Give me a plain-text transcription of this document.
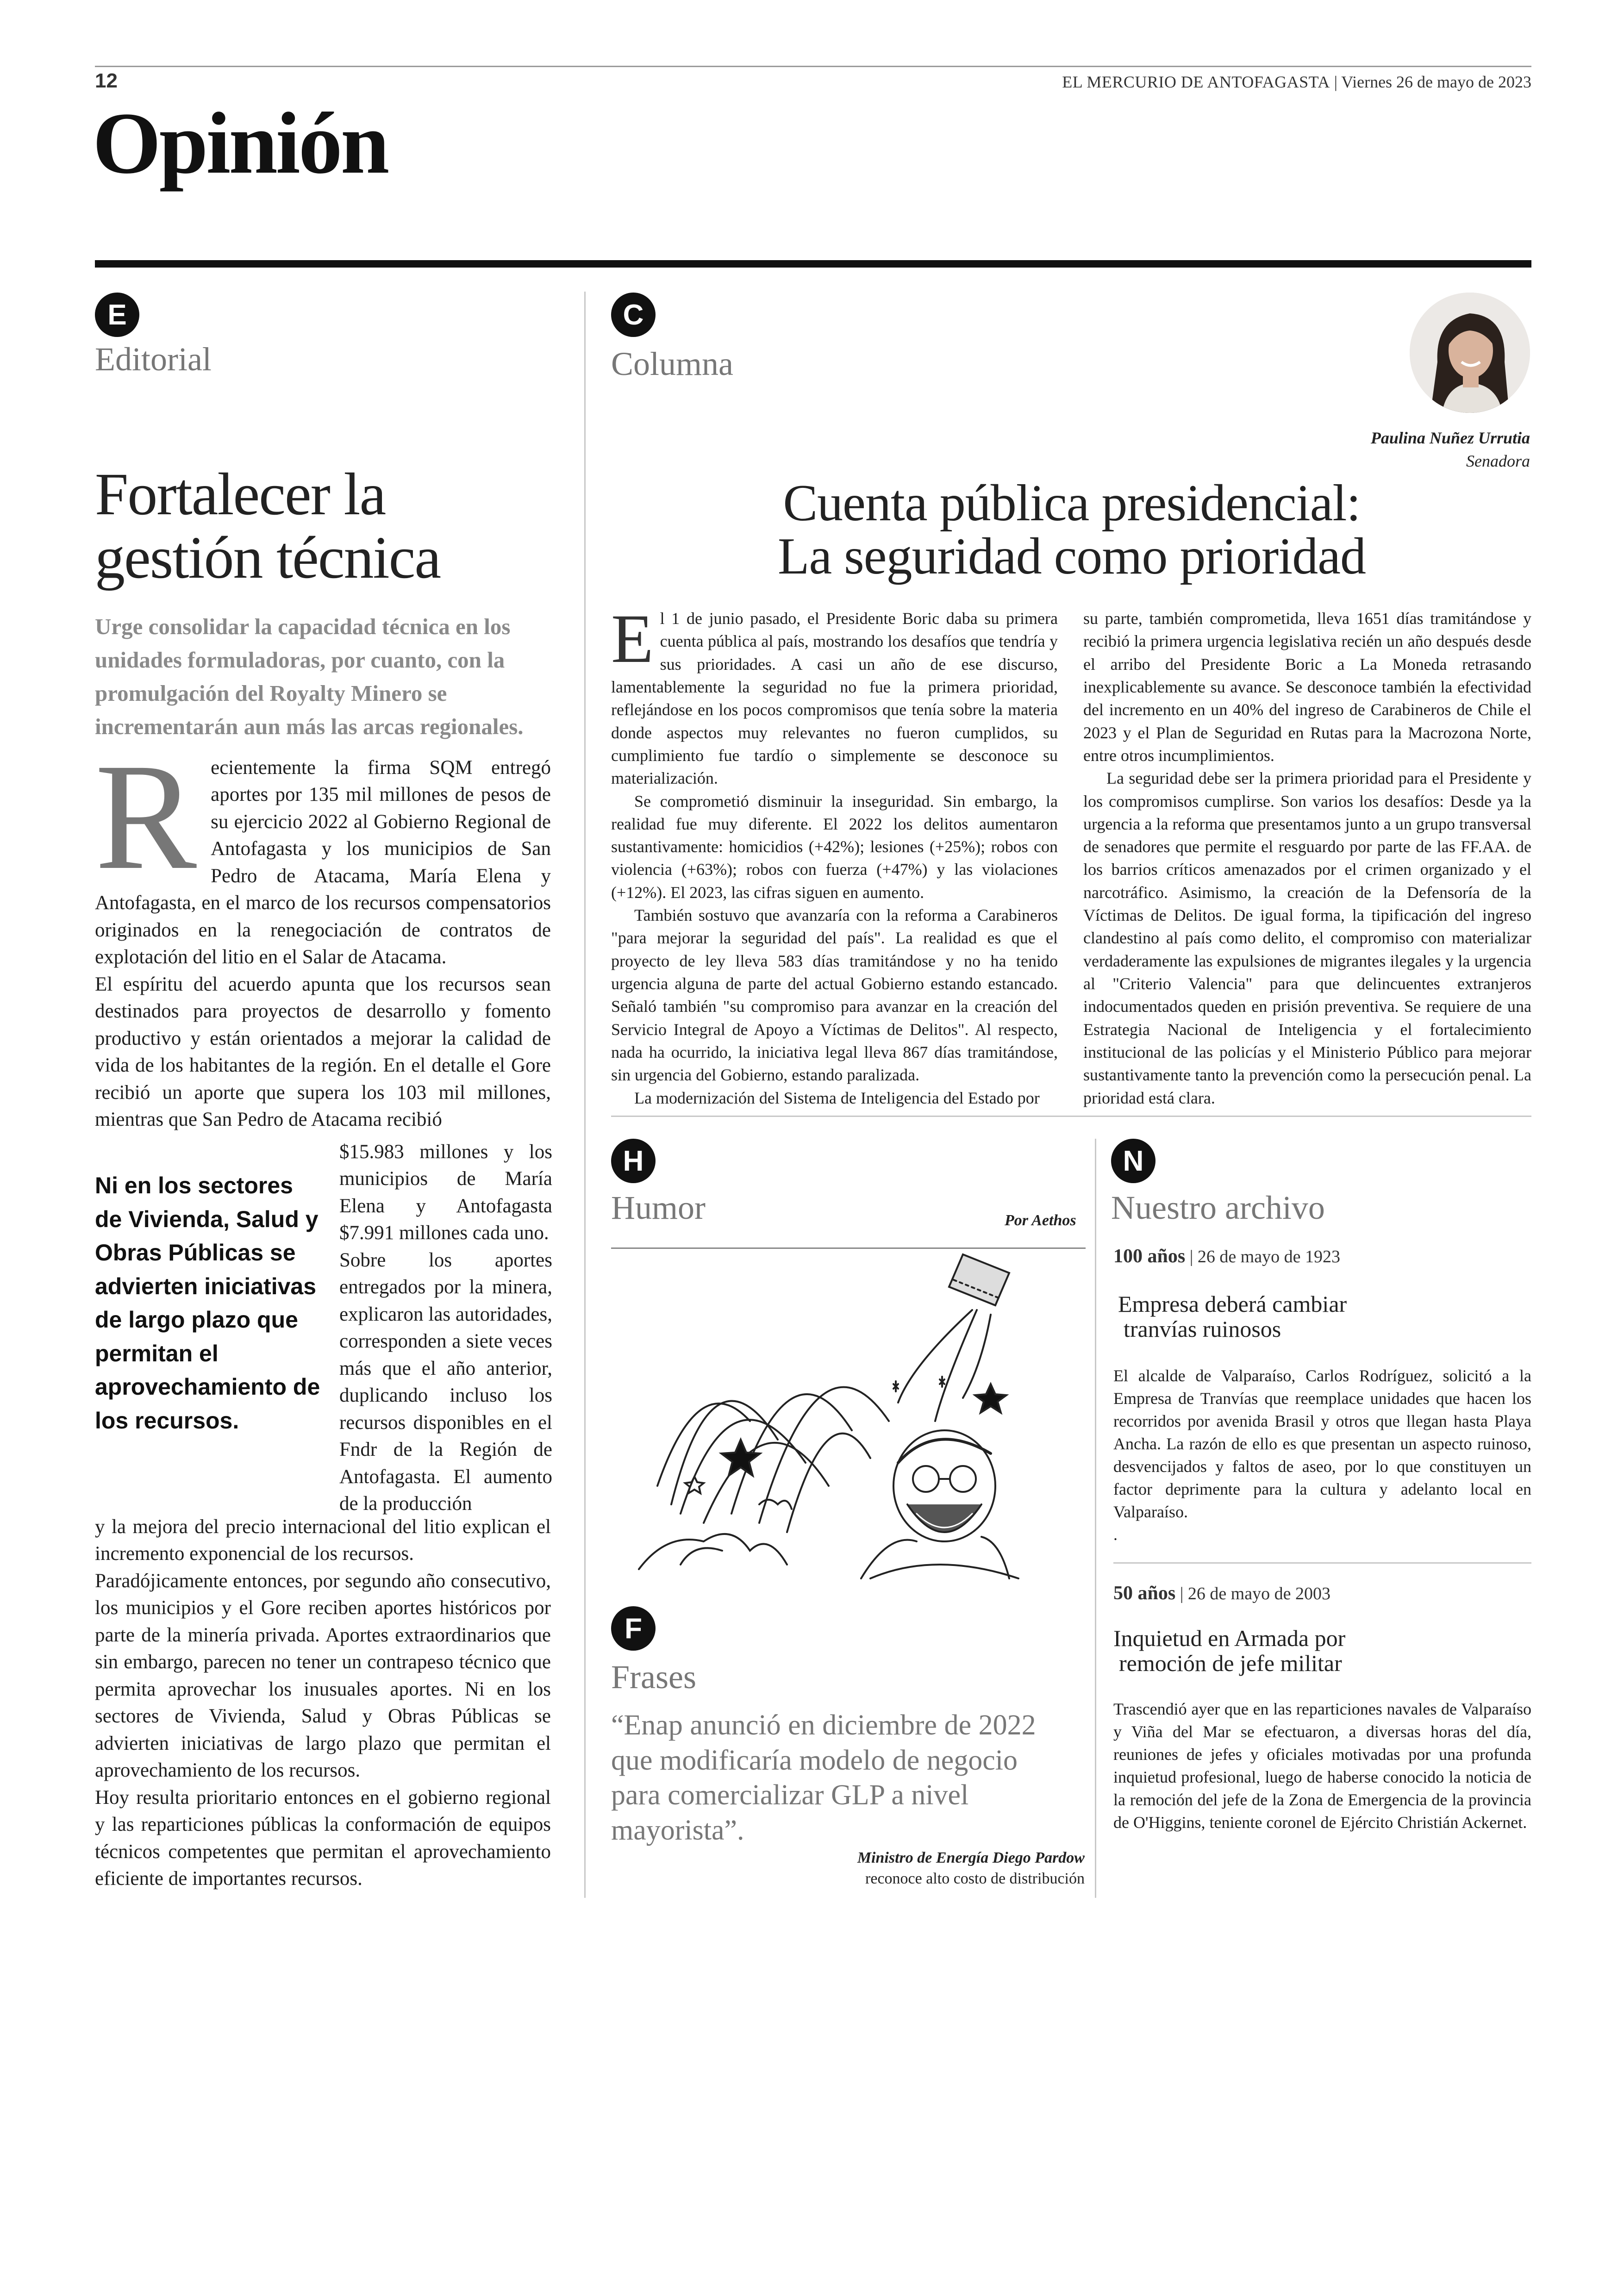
12	EL MERCURIO DE ANTOFAGASTA | Viernes 26 de mayo de 2023
Opinión
E
Editorial
Fortalecer la
gestión técnica
Urge consolidar la capacidad técnica en los unidades formuladoras, por cuanto, con la promulgación del Royalty Minero se incrementarán aun más las arcas regionales.
R ecientemente la firma SQM entregó aportes por 135 mil millones de pesos de su ejercicio 2022 al Gobierno Regional de Antofagasta y los municipios de San Pedro de Atacama, María Elena y Antofagasta, en el marco de los recursos compensatorios originados en la renegociación de contratos de explotación del litio en el Salar de Atacama.

El espíritu del acuerdo apunta que los recursos sean destinados para proyectos de desarrollo y fomento productivo y están orientados a mejorar la calidad de vida de los habitantes de la región. En el detalle el Gore recibió un aporte que supera los 103 mil millones, mientras que San Pedro de Atacama recibió

Ni en los sectores de Vivienda, Salud y Obras Públicas se advierten iniciativas de largo plazo que permitan el aprovechamiento de los recursos.

$15.983 millones y los municipios de María Elena y Antofagasta $7.991 millones cada uno.

Sobre los aportes entregados por la minera, explicaron las autoridades, corresponden a siete veces más que el año anterior, duplicando incluso los recursos disponibles en el Fndr de la Región de Antofagasta. El aumento de la producción

y la mejora del precio internacional del litio explican el incremento exponencial de los recursos.

Paradójicamente entonces, por segundo año consecutivo, los municipios y el Gore reciben aportes históricos por parte de la minería privada. Aportes extraordinarios que sin embargo, parecen no tener un contrapeso técnico que permita aprovechar los inusuales aportes. Ni en los sectores de Vivienda, Salud y Obras Públicas se advierten iniciativas de largo plazo que permitan el aprovechamiento de los recursos.

Hoy resulta prioritario entonces en el gobierno regional y las reparticiones públicas la conformación de equipos técnicos competentes que permitan el aprovechamiento eficiente de importantes recursos.

C
Columna
Paulina Nuñez Urrutia
Senadora
Cuenta pública presidencial:
La seguridad como prioridad

El 1 de junio pasado, el Presidente Boric daba su primera cuenta pública al país, mostrando los desafíos que tendría y sus prioridades. A casi un año de ese discurso, lamentablemente la seguridad no fue la primera prioridad, reflejándose en los pocos compromisos que tenía sobre la materia donde aspectos muy relevantes no fueron cumplidos, su cumplimiento fue tardío o simplemente se desconoce su materialización.

Se comprometió disminuir la inseguridad. Sin embargo, la realidad fue muy diferente. El 2022 los delitos aumentaron sustantivamente: homicidios (+42%); lesiones (+25%); robos con violencia (+63%); robos con fuerza (+47%) y las violaciones (+12%). El 2023, las cifras siguen en aumento.

También sostuvo que avanzaría con la reforma a Carabineros "para mejorar la seguridad del país". La realidad es que el proyecto de ley lleva 583 días tramitándose y no ha tenido urgencia alguna de parte del actual Gobierno estando estancado. Señaló también "su compromiso para avanzar en la creación del Servicio Integral de Apoyo a Víctimas de Delitos". Al respecto, nada ha ocurrido, la iniciativa legal lleva 867 días tramitándose, sin urgencia del Gobierno, estando paralizada.

La modernización del Sistema de Inteligencia del Estado por

su parte, también comprometida, lleva 1651 días tramitándose y recibió la primera urgencia legislativa recién un año después desde el arribo del Presidente Boric a La Moneda retrasando inexplicablemente su avance. Se desconoce también la efectividad del incremento en un 40% del ingreso de Carabineros de Chile el 2023 y el Plan de Seguridad en Rutas para la Macrozona Norte, entre otros incumplimientos.

La seguridad debe ser la primera prioridad para el Presidente y los compromisos cumplirse. Son varios los desafíos: Desde ya la urgencia a la reforma que presentamos junto a un grupo transversal de senadores que permite el resguardo por parte de las FF.AA. de los barrios críticos amenazados por el crimen organizado y el narcotráfico. Asimismo, la creación de la Defensoría de la Víctimas de Delitos. De igual forma, la tipificación del ingreso clandestino al país como delito, el compromiso con materializar verdaderamente las expulsiones de migrantes ilegales y la urgencia al "Criterio Valencia" para que delincuentes extranjeros indocumentados queden en prisión preventiva. Se requiere de una Estrategia Nacional de Inteligencia y el fortalecimiento institucional de las policías y el Ministerio Público para mejorar sustantivamente tanto la prevención como la persecución penal. La prioridad está clara.

H
Humor	Por Aethos
F
Frases
“Enap anunció en diciembre de 2022 que modificaría modelo de negocio para comercializar GLP a nivel mayorista”.
Ministro de Energía Diego Pardow
reconoce alto costo de distribución
N
Nuestro archivo
100 años | 26 de mayo de 1923
Empresa deberá cambiar
tranvías ruinosos
El alcalde de Valparaíso, Carlos Rodríguez, solicitó a la Empresa de Tranvías que reemplace unidades que hacen los recorridos por avenida Brasil y otros que llegan hasta Playa Ancha. La razón de ello es que presentan un aspecto ruinoso, desvencijados y faltos de aseo, por lo que constituyen un factor deprimente para la cultura y adelanto local en Valparaíso.
.
50 años | 26 de mayo de 2003
Inquietud en Armada por
remoción de jefe militar
Trascendió ayer que en las reparticiones navales de Valparaíso y Viña del Mar se efectuaron, a diversas horas del día, reuniones de jefes y oficiales motivadas por una profunda inquietud profesional, luego de haberse conocido la noticia de la remoción del jefe de la Zona de Emergencia de la provincia de O'Higgins, teniente coronel de Ejército Christián Ackernet.
